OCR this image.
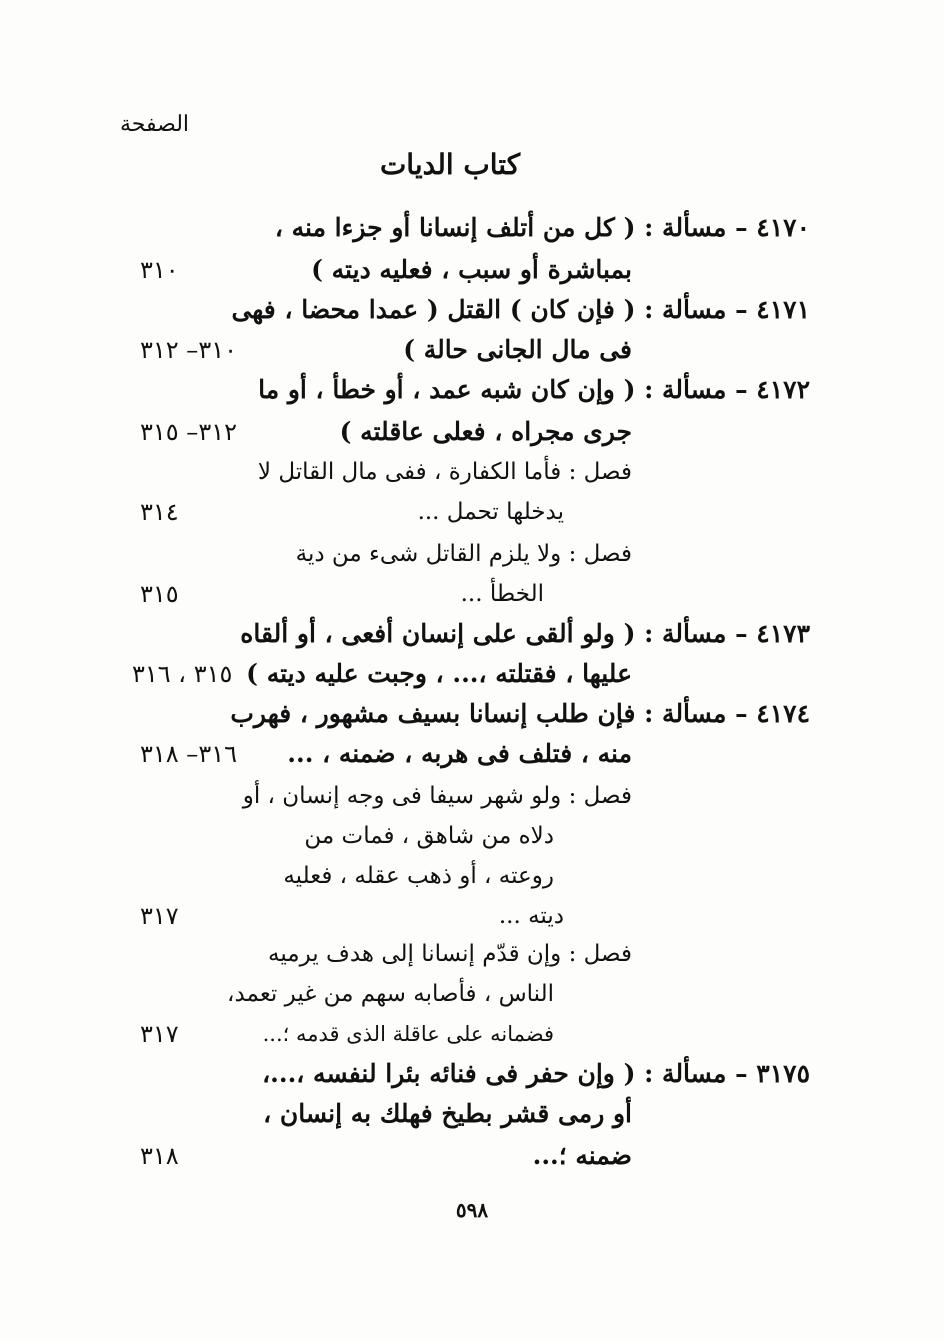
الصفحة
كتاب الديات
٤١٧٠ – مسألة : ( كل من أتلف إنسانا أو جزءا منه ،
بمباشرة أو سبب ، فعليه ديته )
٣١٠
٤١٧١ – مسألة : ( فإن كان ) القتل ( عمدا محضا ، فهى
فى مال الجانى حالة )
٣١٠– ٣١٢
٤١٧٢ – مسألة : ( وإن كان شبه عمد ، أو خطأ ، أو ما
جرى مجراه ، فعلى عاقلته )
٣١٢– ٣١٥
فصل : فأما الكفارة ، ففى مال القاتل لا
يدخلها تحمل ...
٣١٤
فصل : ولا يلزم القاتل شىء من دية
الخطأ ...
٣١٥
٤١٧٣ – مسألة : ( ولو ألقى على إنسان أفعى ، أو ألقاه
عليها ، فقتلته ،... ، وجبت عليه ديته )
٣١٥ ، ٣١٦
٤١٧٤ – مسألة : فإن طلب إنسانا بسيف مشهور ، فهرب
منه ، فتلف فى هربه ، ضمنه ، ...
٣١٦– ٣١٨
فصل : ولو شهر سيفا فى وجه إنسان ، أو
دلاه من شاهق ، فمات من
روعته ، أو ذهب عقله ، فعليه
ديته ...
٣١٧
فصل : وإن قدّم إنسانا إلى هدف يرميه
الناس ، فأصابه سهم من غير تعمد،
فضمانه على عاقلة الذى قدمه ؛...
٣١٧
٣١٧٥ – مسألة : ( وإن حفر فى فنائه بئرا لنفسه ،...،
أو رمى قشر بطيخ فهلك به إنسان ،
ضمنه ؛...
٣١٨
٥٩٨
